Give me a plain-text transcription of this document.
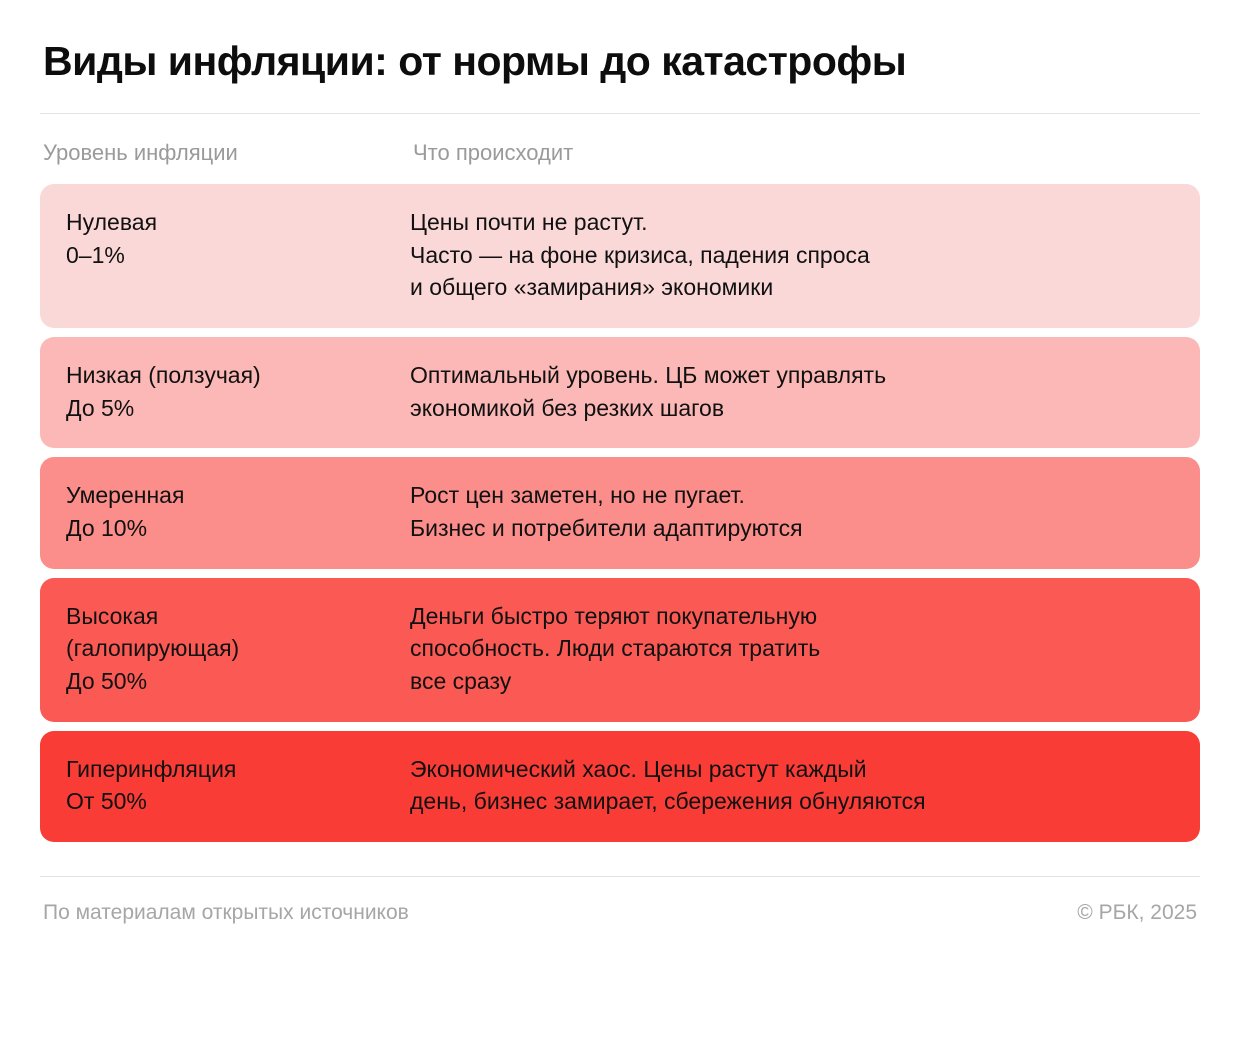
Виды инфляции: от нормы до катастрофы
Уровень инфляции	Что происходит
Нулевая
0–1%
Цены почти не растут.
Часто — на фоне кризиса, падения спроса
и общего «замирания» экономики
Низкая (ползучая)
До 5%
Оптимальный уровень. ЦБ может управлять
экономикой без резких шагов
Умеренная
До 10%
Рост цен заметен, но не пугает.
Бизнес и потребители адаптируются
Высокая
(галопирующая)
До 50%
Деньги быстро теряют покупательную
способность. Люди стараются тратить
все сразу
Гиперинфляция
От 50%
Экономический хаос. Цены растут каждый
день, бизнес замирает, сбережения обнуляются
По материалам открытых источников	© РБК, 2025
